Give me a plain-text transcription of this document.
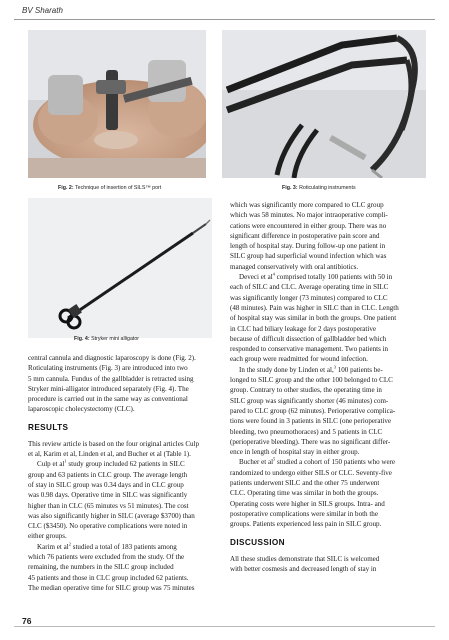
BV Sharath
Fig. 2: Technique of insertion of SILS™ port	Fig. 3: Roticulating instruments
Fig. 4: Stryker mini alligator

central cannula and diagnostic laparoscopy is done (Fig. 2).

Roticulating instruments (Fig. 3) are introduced into two

5 mm cannula. Fundus of the gallbladder is retracted using

Stryker mini-alligator introduced separately (Fig. 4). The

procedure is carried out in the same way as conventional

laparoscopic cholecystectomy (CLC).

RESULTS

This review article is based on the four original articles Culp

et al, Karim et al, Linden et al, and Bucher et al (Table 1).

Culp et $al^1$ study group included 62 patients in SILC

group and 63 patients in CLC group. The average length

of stay in SILC group was 0.34 days and in CLC group

was 0.98 days. Operative time in SILC was significantly

higher than in CLC (65 minutes vs 51 minutes). The cost

was also significantly higher in SILC (average $3700) than

CLC ($3450). No operative complications were noted in

either groups.

Karim et $al^2$ studied a total of 183 patients among

which 76 patients were excluded from the study. Of the

remaining, the numbers in the SILC group included

45 patients and those in CLC group included 62 patients.

The median operative time for SILC group was 75 minutes

which was significantly more compared to CLC group

which was 58 minutes. No major intraoperative compli-

cations were encountered in either group. There was no

significant difference in postoperative pain score and

length of hospital stay. During follow-up one patient in

SILC group had superficial wound infection which was

managed conservatively with oral antibiotics.

Deveci et $al^4$ comprised totally 100 patients with 50 in

each of SILC and CLC. Average operating time in SILC

was significantly longer (73 minutes) compared to CLC

(48 minutes). Pain was higher in SILC than in CLC. Length

of hospital stay was similar in both the groups. One patient

in CLC had biliary leakage for 2 days postoperative

because of difficult dissection of gallbladder bed which

responded to conservative management. Two patients in

each group were readmitted for wound infection.

In the study done by Linden et al,$^3$ 100 patients be-

longed to SILC group and the other 100 belonged to CLC

group. Contrary to other studies, the operating time in

SILC group was significantly shorter (46 minutes) com-

pared to CLC group (62 minutes). Perioperative complica-

tions were found in 3 patients in SILC (one perioperative

bleeding, two pneumothoraces) and 5 patients in CLC

(perioperative bleeding). There was no significant differ-

ence in length of hospital stay in either group.

Bucher et $al^5$ studied a cohort of 150 patients who were

randomized to undergo either SILS or CLC. Seventy-five

patients underwent SILC and the other 75 underwent

CLC. Operating time was similar in both the groups.

Operating costs were higher in SILS groups. Intra- and

postoperative complications were similar in both the

groups. Patients experienced less pain in SILC group.

DISCUSSION

All these studies demonstrate that SILC is welcomed

with better cosmesis and decreased length of stay in

76
